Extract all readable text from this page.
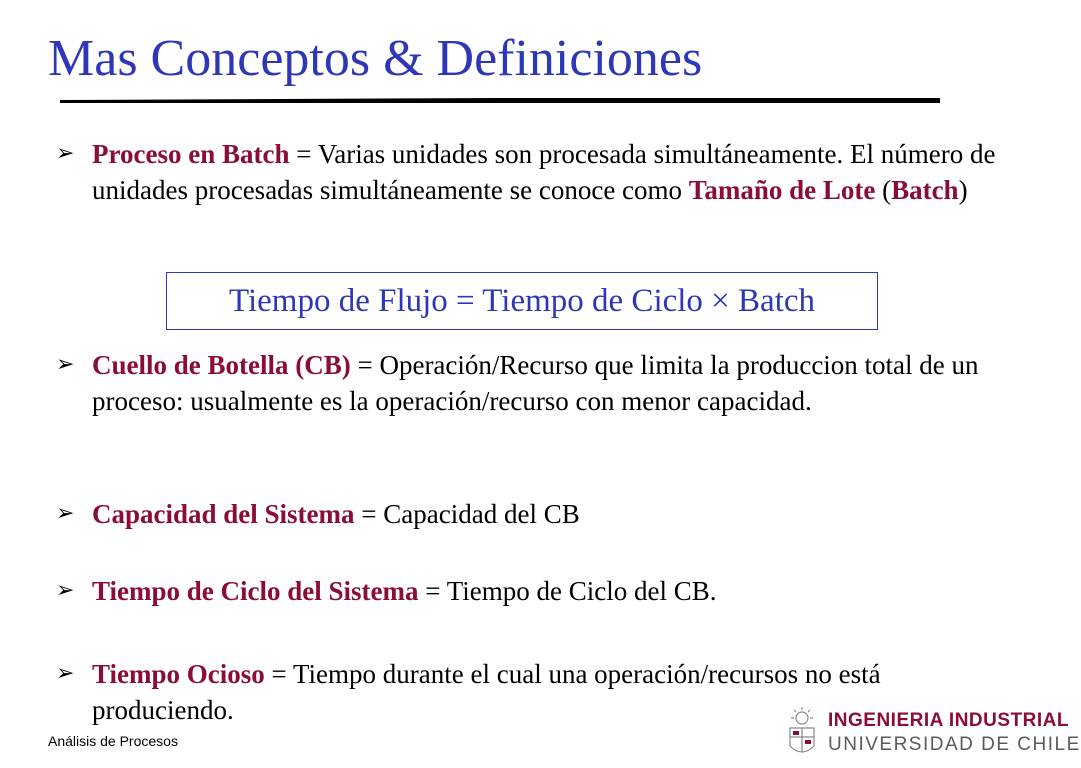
Mas Conceptos & Definiciones
➢ Proceso en Batch = Varias unidades son procesada simultáneamente. El número de unidades procesadas simultáneamente se conoce como Tamaño de Lote (Batch)
Tiempo de Flujo = Tiempo de Ciclo × Batch
➢ Cuello de Botella (CB) = Operación/Recurso que limita la produccion total de un proceso: usualmente es la operación/recurso con menor capacidad.
➢ Capacidad del Sistema = Capacidad del CB
➢ Tiempo de Ciclo del Sistema = Tiempo de Ciclo del CB.
➢ Tiempo Ocioso = Tiempo durante el cual una operación/recursos no está produciendo.
Análisis de Procesos
INGENIERIA INDUSTRIAL
UNIVERSIDAD DE CHILE
